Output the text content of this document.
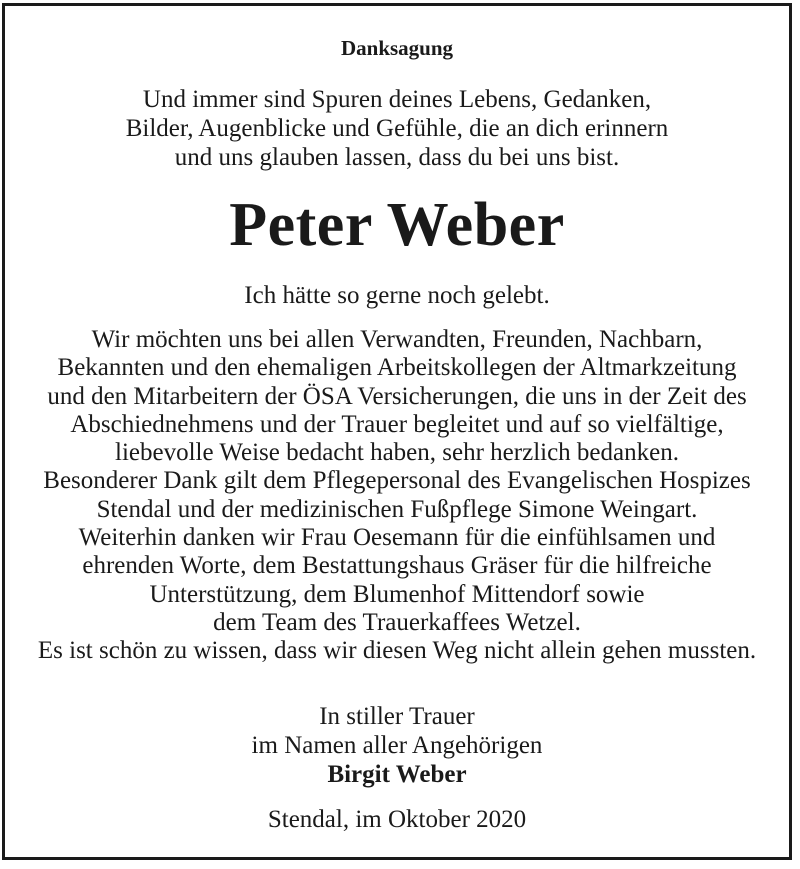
Danksagung
Und immer sind Spuren deines Lebens, Gedanken,
Bilder, Augenblicke und Gefühle, die an dich erinnern
und uns glauben lassen, dass du bei uns bist.
Peter Weber
Ich hätte so gerne noch gelebt.
Wir möchten uns bei allen Verwandten, Freunden, Nachbarn,
Bekannten und den ehemaligen Arbeitskollegen der Altmarkzeitung
und den Mitarbeitern der ÖSA Versicherungen, die uns in der Zeit des
Abschiednehmens und der Trauer begleitet und auf so vielfältige,
liebevolle Weise bedacht haben, sehr herzlich bedanken.
Besonderer Dank gilt dem Pflegepersonal des Evangelischen Hospizes
Stendal und der medizinischen Fußpflege Simone Weingart.
Weiterhin danken wir Frau Oesemann für die einfühlsamen und
ehrenden Worte, dem Bestattungshaus Gräser für die hilfreiche
Unterstützung, dem Blumenhof Mittendorf sowie
dem Team des Trauerkaffees Wetzel.
Es ist schön zu wissen, dass wir diesen Weg nicht allein gehen mussten.
In stiller Trauer
im Namen aller Angehörigen
Birgit Weber
Stendal, im Oktober 2020
